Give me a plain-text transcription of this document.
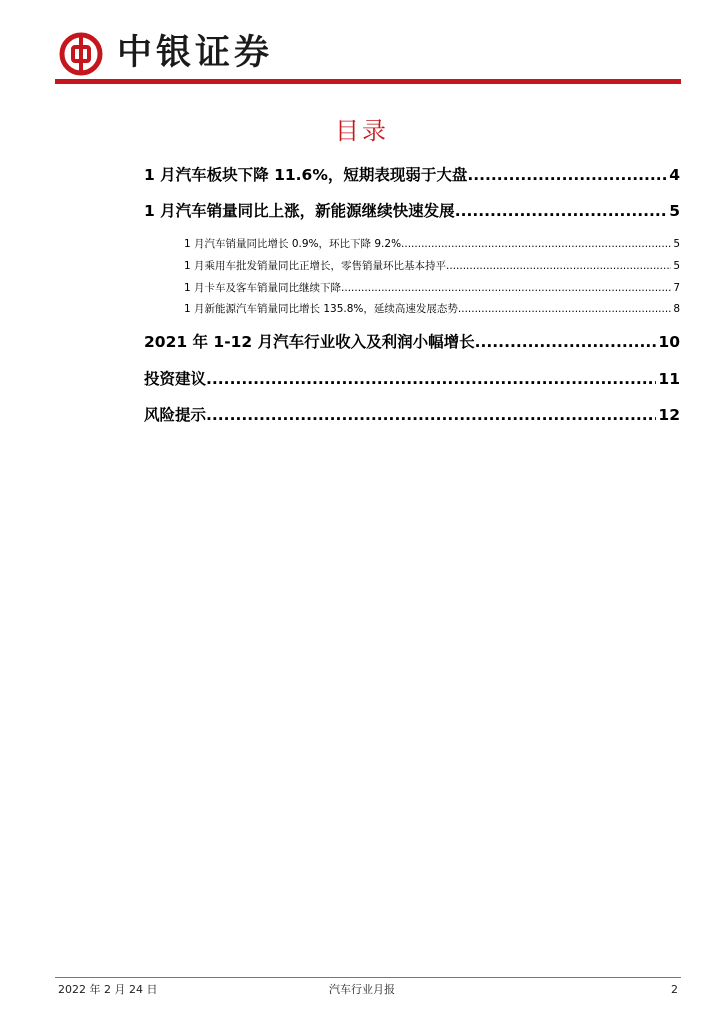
中银证券
目录
1 月汽车板块下降 11.6%，短期表现弱于大盘 .....	4
1 月汽车销量同比上涨，新能源继续快速发展 .....	5
1 月汽车销量同比增长 0.9%，环比下降 9.2% .....	5
1 月乘用车批发销量同比正增长，零售销量环比基本持平 .....	5
1 月卡车及客车销量同比继续下降 .....	7
1 月新能源汽车销量同比增长 135.8%，延续高速发展态势 .....	8
2021 年 1-12 月汽车行业收入及利润小幅增长 .....	10
投资建议 .....	11
风险提示 .....	12
2022 年 2 月 24 日	汽车行业月报	2
